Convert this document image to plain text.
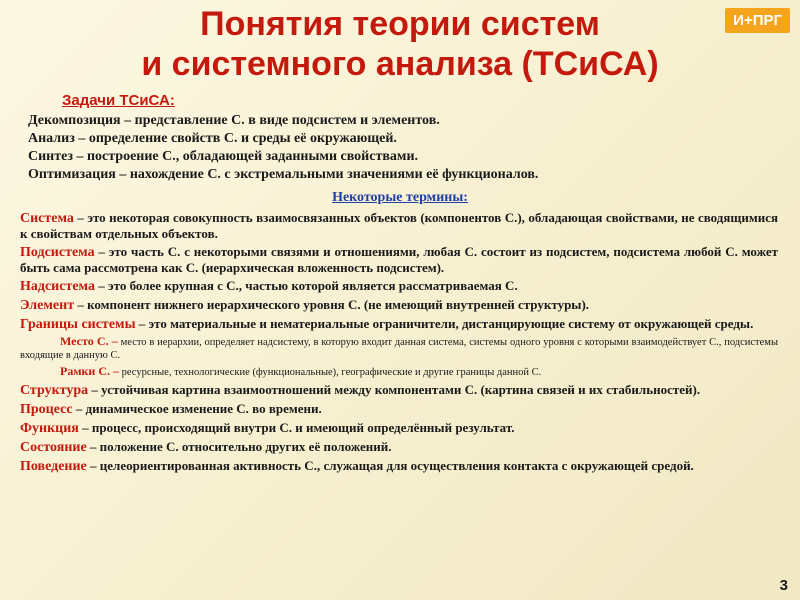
Понятия теории систем
и системного анализа (ТСиСА)
И+ПРГ
Задачи ТСиСА:
Декомпозиция – представление С. в виде подсистем и элементов.
Анализ – определение свойств С. и среды её окружающей.
Синтез – построение С., обладающей заданными свойствами.
Оптимизация – нахождение С. с экстремальными значениями её функционалов.
Некоторые термины:
Система – это некоторая совокупность взаимосвязанных объектов (компонентов С.), обладающая свойствами, не сводящимися к свойствам отдельных объектов.
Подсистема – это часть С. с некоторыми связями и отношениями, любая С. состоит из подсистем, подсистема любой С. может быть сама рассмотрена как С. (иерархическая вложенность подсистем).
Надсистема – это более крупная с С., частью которой является рассматриваемая С.
Элемент – компонент нижнего иерархического уровня С. (не имеющий внутренней структуры).
Границы системы – это материальные и нематериальные ограничители, дистанцирующие систему от окружающей среды.
Место С. – место в иерархии, определяет надсистему, в которую входит данная система, системы одного уровня с которыми взаимодействует С., подсистемы входящие в данную С.
Рамки С. – ресурсные, технологические (функциональные), географические и другие границы данной С.
Структура – устойчивая картина взаимоотношений между компонентами С. (картина связей и их стабильностей).
Процесс – динамическое изменение С. во времени.
Функция – процесс, происходящий внутри С. и имеющий определённый результат.
Состояние – положение С. относительно других её положений.
Поведение – целеориентированная активность С., служащая для осуществления контакта с окружающей средой.
3
